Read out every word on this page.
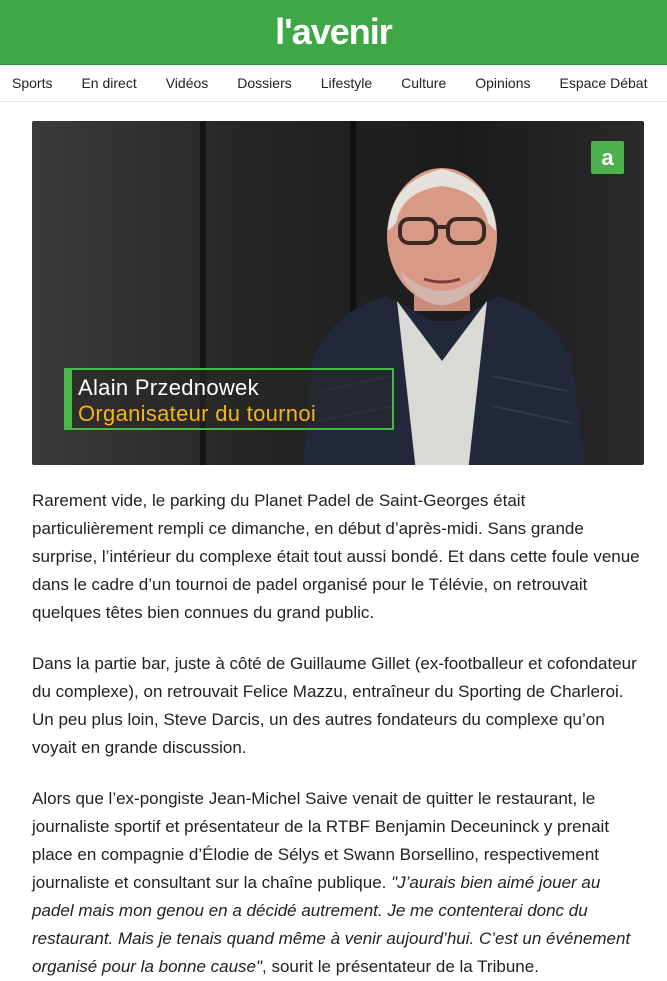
l'avenir
Sports En direct Vidéos Dossiers Lifestyle Culture Opinions Espace Débat
a
Alain Przednowek
Organisateur du tournoi

Rarement vide, le parking du Planet Padel de Saint-Georges était particulièrement rempli ce dimanche, en début d’après-midi. Sans grande surprise, l’intérieur du complexe était tout aussi bondé. Et dans cette foule venue dans le cadre d’un tournoi de padel organisé pour le Télévie, on retrouvait quelques têtes bien connues du grand public.

Dans la partie bar, juste à côté de Guillaume Gillet (ex-footballeur et cofondateur du complexe), on retrouvait Felice Mazzu, entraîneur du Sporting de Charleroi. Un peu plus loin, Steve Darcis, un des autres fondateurs du complexe qu’on voyait en grande discussion.

Alors que l’ex-pongiste Jean-Michel Saive venait de quitter le restaurant, le journaliste sportif et présentateur de la RTBF Benjamin Deceuninck y prenait place en compagnie d’Élodie de Sélys et Swann Borsellino, respectivement journaliste et consultant sur la chaîne publique. "J’aurais bien aimé jouer au padel mais mon genou en a décidé autrement. Je me contenterai donc du restaurant. Mais je tenais quand même à venir aujourd’hui. C’est un événement organisé pour la bonne cause", sourit le présentateur de la Tribune.
